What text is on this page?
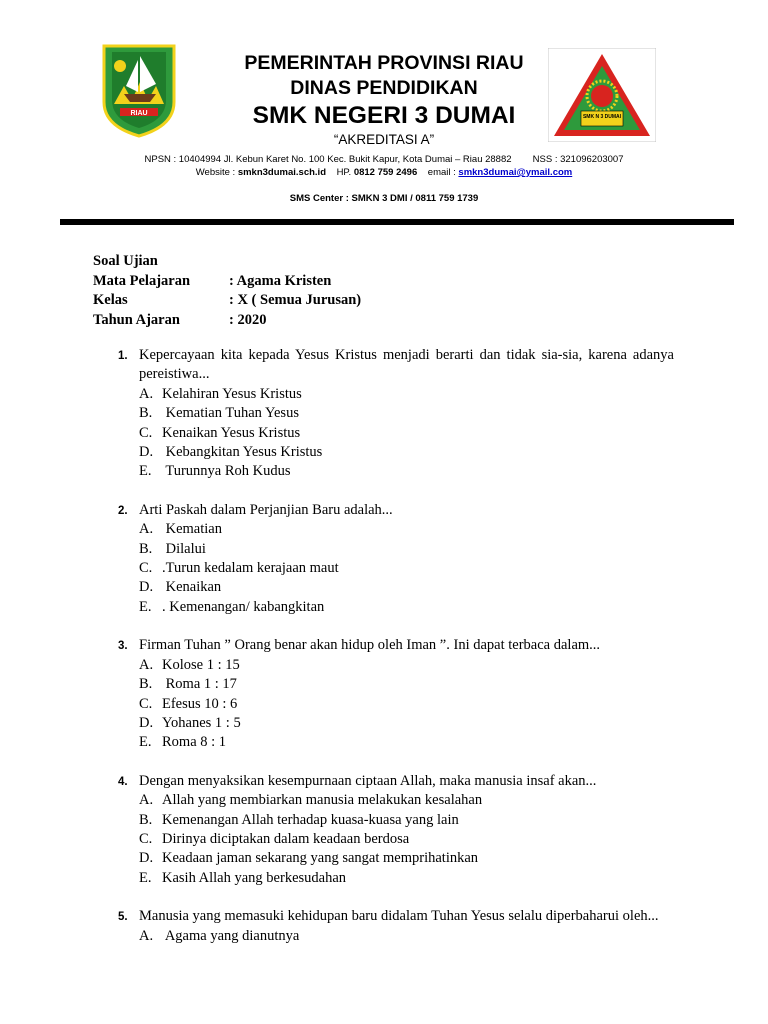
RIAU
PEMERINTAH PROVINSI RIAU
DINAS PENDIDIKAN
SMK NEGERI 3 DUMAI
“AKREDITASI A”
NPSN : 10404994 Jl. Kebun Karet No. 100 Kec. Bukit Kapur, Kota Dumai – Riau 28882        NSS : 321096203007
Website : smkn3dumai.sch.id HP. 0812 759 2496 email : smkn3dumai@ymail.com
SMS Center : SMKN 3 DMI / 0811 759 1739
SMK N 3 DUMAI
Soal Ujian
Mata Pelajaran	: Agama Kristen
Kelas	: X ( Semua Jurusan)
Tahun Ajaran	: 2020
1. Kepercayaan kita kepada Yesus Kristus menjadi berarti dan tidak sia-sia, karena adanya pereistiwa...
A. Kelahiran Yesus Kristus
B. Kematian Tuhan Yesus
C. Kenaikan Yesus Kristus
D. Kebangkitan Yesus Kristus
E. Turunnya Roh Kudus
2. Arti Paskah dalam Perjanjian Baru adalah...
A. Kematian
B. Dilalui
C. .Turun kedalam kerajaan maut
D. Kenaikan
E. . Kemenangan/ kabangkitan
3. Firman Tuhan ” Orang benar akan hidup oleh Iman ”. Ini dapat terbaca dalam...
A. Kolose 1 : 15
B. Roma 1 : 17
C. Efesus 10 : 6
D. Yohanes 1 : 5
E. Roma 8 : 1
4. Dengan menyaksikan kesempurnaan ciptaan Allah, maka manusia insaf akan...
A. Allah yang membiarkan manusia melakukan kesalahan
B. Kemenangan Allah terhadap kuasa-kuasa yang lain
C. Dirinya diciptakan dalam keadaan berdosa
D. Keadaan jaman sekarang yang sangat memprihatinkan
E. Kasih Allah yang berkesudahan
5. Manusia yang memasuki kehidupan baru didalam Tuhan Yesus selalu diperbaharui oleh...
A. Agama yang dianutnya
